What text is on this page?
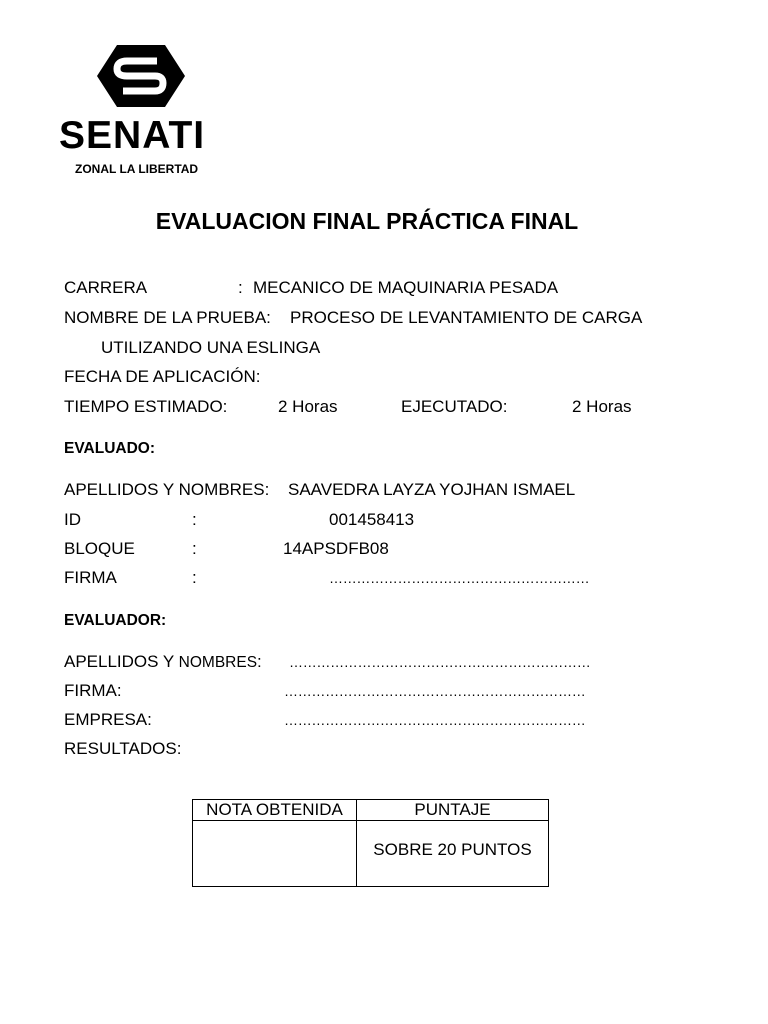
SENATI
ZONAL LA LIBERTAD
EVALUACION FINAL PRÁCTICA FINAL
CARRERA	: MECANICO DE MAQUINARIA PESADA
NOMBRE DE LA PRUEBA: PROCESO DE LEVANTAMIENTO DE CARGA
UTILIZANDO UNA ESLINGA
FECHA DE APLICACIÓN:
TIEMPO ESTIMADO:	2 Horas	EJECUTADO:	2 Horas
EVALUADO:
APELLIDOS Y NOMBRES: SAAVEDRA LAYZA YOJHAN ISMAEL
ID	:	001458413
BLOQUE	:	14APSDFB08
FIRMA	:	…………………………………………………
EVALUADOR:
APELLIDOS Y NOMBRES: …………………………………………………………
FIRMA:	…………………………………………………………
EMPRESA:	…………………………………………………………
RESULTADOS:
NOTA OBTENIDA	PUNTAJE

	SOBRE 20 PUNTOS
